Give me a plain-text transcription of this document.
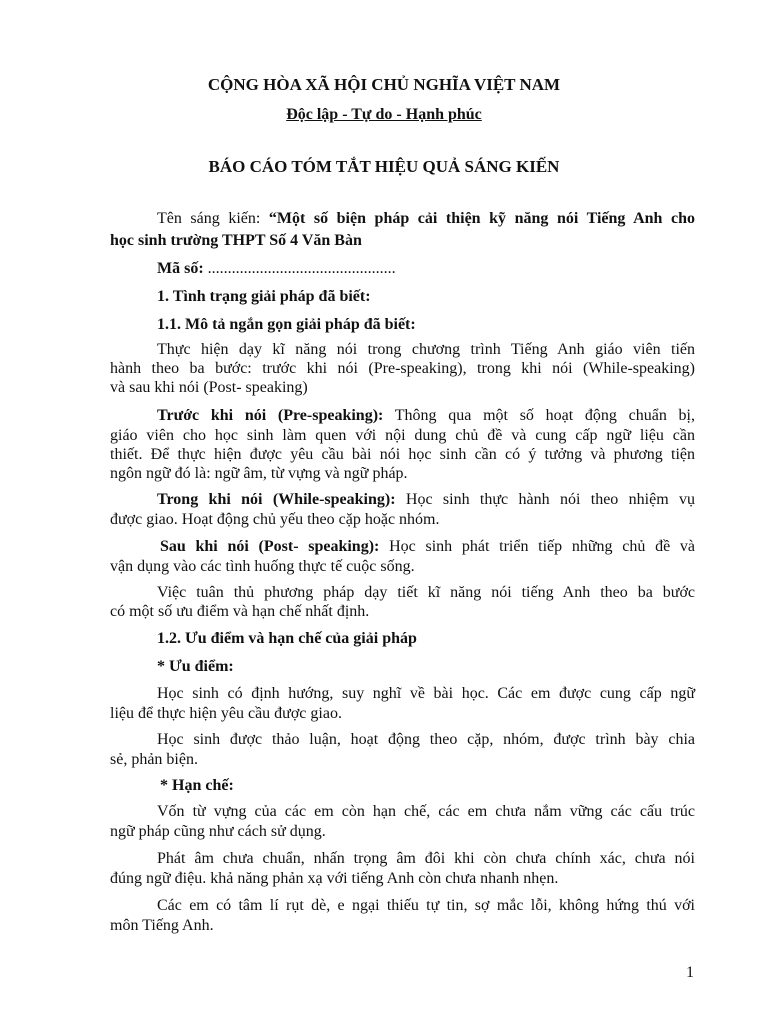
CỘNG HÒA XÃ HỘI CHỦ NGHĨA VIỆT NAM

Độc lập - Tự do - Hạnh phúc

BÁO CÁO TÓM TẮT HIỆU QUẢ SÁNG KIẾN

Tên sáng kiến: “Một số biện pháp cải thiện kỹ năng nói Tiếng Anh cho

học sinh trường THPT Số 4 Văn Bàn

Mã số: ...............................................

1. Tình trạng giải pháp đã biết:

1.1. Mô tả ngắn gọn giải pháp đã biết:

Thực hiện dạy kĩ năng nói trong chương trình Tiếng Anh giáo viên tiến

hành theo ba bước: trước khi nói (Pre-speaking), trong khi nói (While-speaking)

và sau khi nói (Post- speaking)

Trước khi nói (Pre-speaking): Thông qua một số hoạt động chuẩn bị,

giáo viên cho học sinh làm quen với nội dung chủ đề và cung cấp ngữ liệu cần

thiết. Để thực hiện được yêu cầu bài nói học sinh cần có ý tưởng và phương tiện

ngôn ngữ đó là: ngữ âm, từ vựng và ngữ pháp.

Trong khi nói (While-speaking): Học sinh thực hành nói theo nhiệm vụ

được giao. Hoạt động chủ yếu theo cặp hoặc nhóm.

Sau khi nói (Post- speaking): Học sinh phát triển tiếp những chủ đề và

vận dụng vào các tình huống thực tế cuộc sống.

Việc tuân thủ phương pháp dạy tiết kĩ năng nói tiếng Anh theo ba bước

có một số ưu điểm và hạn chế nhất định.

1.2. Ưu điểm và hạn chế của giải pháp

* Ưu điểm:

Học sinh có định hướng, suy nghĩ về bài học. Các em được cung cấp ngữ

liệu để thực hiện yêu cầu được giao.

Học sinh được thảo luận, hoạt động theo cặp, nhóm, được trình bày chia

sẻ, phản biện.

* Hạn chế:

Vốn từ vựng của các em còn hạn chế, các em chưa nắm vững các cấu trúc

ngữ pháp cũng như cách sử dụng.

Phát âm chưa chuẩn, nhấn trọng âm đôi khi còn chưa chính xác, chưa nói

đúng ngữ điệu. khả năng phản xạ với tiếng Anh còn chưa nhanh nhẹn.

Các em có tâm lí rụt dè, e ngại thiếu tự tin, sợ mắc lỗi, không hứng thú với

môn Tiếng Anh.

1
